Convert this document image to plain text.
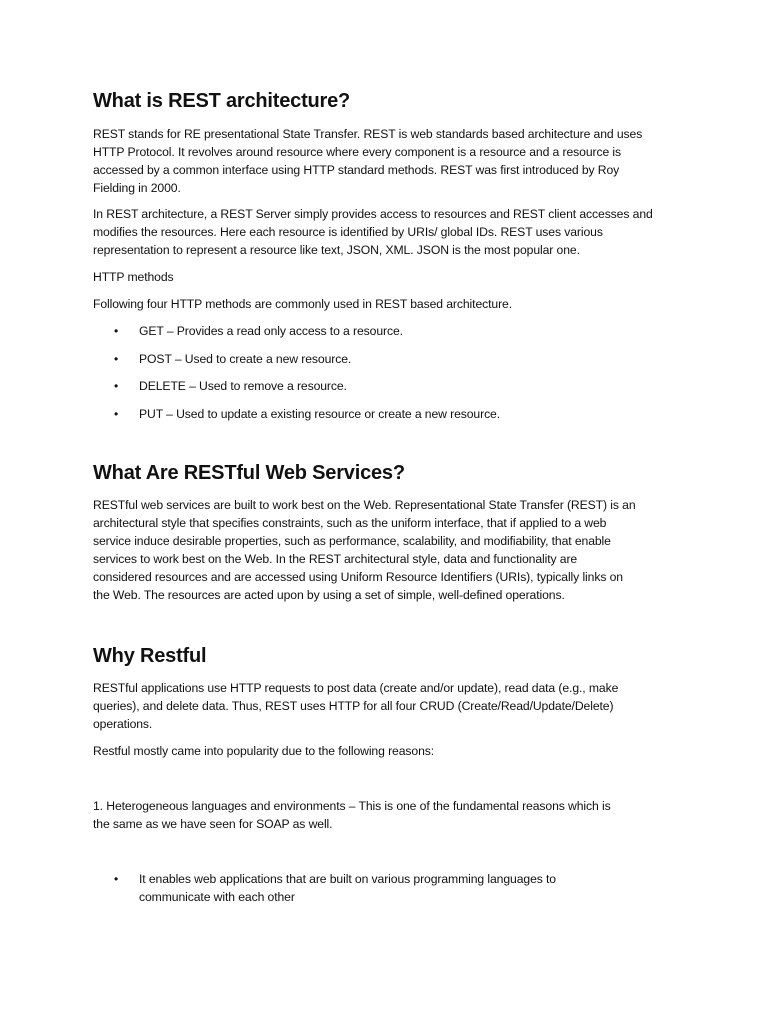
What is REST architecture?

REST stands for RE presentational State Transfer. REST is web standards based architecture and uses
HTTP Protocol. It revolves around resource where every component is a resource and a resource is
accessed by a common interface using HTTP standard methods. REST was first introduced by Roy
Fielding in 2000.

In REST architecture, a REST Server simply provides access to resources and REST client accesses and
modifies the resources. Here each resource is identified by URIs/ global IDs. REST uses various
representation to represent a resource like text, JSON, XML. JSON is the most popular one.

HTTP methods

Following four HTTP methods are commonly used in REST based architecture.

• GET – Provides a read only access to a resource.

• POST – Used to create a new resource.

• DELETE – Used to remove a resource.

• PUT – Used to update a existing resource or create a new resource.

What Are RESTful Web Services?

RESTful web services are built to work best on the Web. Representational State Transfer (REST) is an
architectural style that specifies constraints, such as the uniform interface, that if applied to a web
service induce desirable properties, such as performance, scalability, and modifiability, that enable
services to work best on the Web. In the REST architectural style, data and functionality are
considered resources and are accessed using Uniform Resource Identifiers (URIs), typically links on
the Web. The resources are acted upon by using a set of simple, well-defined operations.

Why Restful

RESTful applications use HTTP requests to post data (create and/or update), read data (e.g., make
queries), and delete data. Thus, REST uses HTTP for all four CRUD (Create/Read/Update/Delete)
operations.

Restful mostly came into popularity due to the following reasons:

1. Heterogeneous languages and environments – This is one of the fundamental reasons which is
the same as we have seen for SOAP as well.

• It enables web applications that are built on various programming languages to
communicate with each other
